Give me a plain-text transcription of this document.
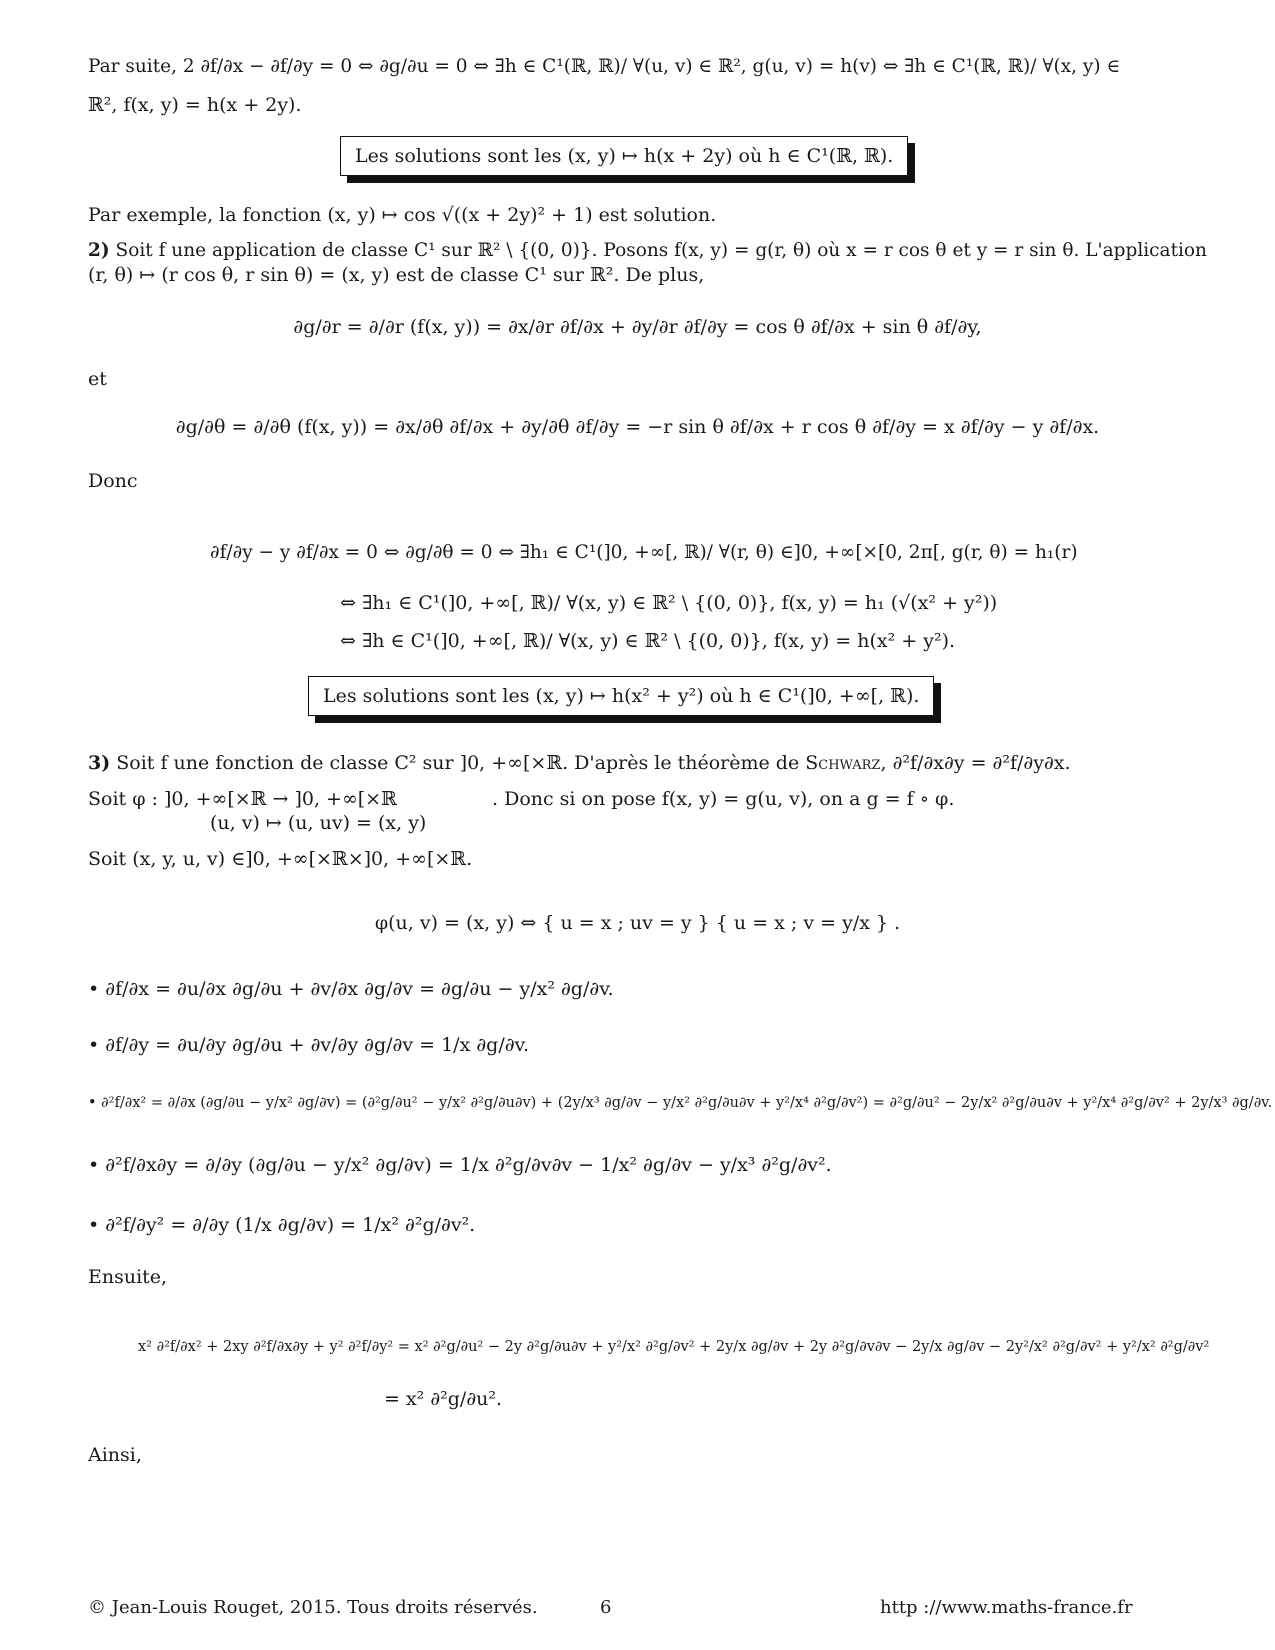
Par suite, 2 ∂f/∂x − ∂f/∂y = 0 ⇔ ∂g/∂u = 0 ⇔ ∃h ∈ C¹(ℝ, ℝ)/ ∀(u, v) ∈ ℝ², g(u, v) = h(v) ⇔ ∃h ∈ C¹(ℝ, ℝ)/ ∀(x, y) ∈
ℝ², f(x, y) = h(x + 2y).
Les solutions sont les (x, y) ↦ h(x + 2y) où h ∈ C¹(ℝ, ℝ).
Par exemple, la fonction (x, y) ↦ cos √((x + 2y)² + 1) est solution.
2) Soit f une application de classe C¹ sur ℝ² \ {(0, 0)}. Posons f(x, y) = g(r, θ) où x = r cos θ et y = r sin θ. L'application
(r, θ) ↦ (r cos θ, r sin θ) = (x, y) est de classe C¹ sur ℝ². De plus,
∂g/∂r = ∂/∂r (f(x, y)) = ∂x/∂r ∂f/∂x + ∂y/∂r ∂f/∂y = cos θ ∂f/∂x + sin θ ∂f/∂y,
et
∂g/∂θ = ∂/∂θ (f(x, y)) = ∂x/∂θ ∂f/∂x + ∂y/∂θ ∂f/∂y = −r sin θ ∂f/∂x + r cos θ ∂f/∂y = x ∂f/∂y − y ∂f/∂x.
Donc
∂f/∂y − y ∂f/∂x = 0 ⇔ ∂g/∂θ = 0 ⇔ ∃h₁ ∈ C¹(]0, +∞[, ℝ)/ ∀(r, θ) ∈]0, +∞[×[0, 2π[, g(r, θ) = h₁(r)
⇔ ∃h₁ ∈ C¹(]0, +∞[, ℝ)/ ∀(x, y) ∈ ℝ² \ {(0, 0)}, f(x, y) = h₁ (√(x² + y²))
⇔ ∃h ∈ C¹(]0, +∞[, ℝ)/ ∀(x, y) ∈ ℝ² \ {(0, 0)}, f(x, y) = h(x² + y²).
Les solutions sont les (x, y) ↦ h(x² + y²) où h ∈ C¹(]0, +∞[, ℝ).
3) Soit f une fonction de classe C² sur ]0, +∞[×ℝ. D'après le théorème de Schwarz, ∂²f/∂x∂y = ∂²f/∂y∂x.
Soit φ : ]0, +∞[×ℝ → ]0, +∞[×ℝ	. Donc si on pose f(x, y) = g(u, v), on a g = f ∘ φ.
(u, v) ↦ (u, uv) = (x, y)
Soit (x, y, u, v) ∈]0, +∞[×ℝ×]0, +∞[×ℝ.
φ(u, v) = (x, y) ⇔ { u = x ; uv = y } { u = x ; v = y/x } .
• ∂f/∂x = ∂u/∂x ∂g/∂u + ∂v/∂x ∂g/∂v = ∂g/∂u − y/x² ∂g/∂v.
• ∂f/∂y = ∂u/∂y ∂g/∂u + ∂v/∂y ∂g/∂v = 1/x ∂g/∂v.
• ∂²f/∂x² = ∂/∂x (∂g/∂u − y/x² ∂g/∂v) = (∂²g/∂u² − y/x² ∂²g/∂u∂v) + (2y/x³ ∂g/∂v − y/x² ∂²g/∂u∂v + y²/x⁴ ∂²g/∂v²) = ∂²g/∂u² − 2y/x² ∂²g/∂u∂v + y²/x⁴ ∂²g/∂v² + 2y/x³ ∂g/∂v.
• ∂²f/∂x∂y = ∂/∂y (∂g/∂u − y/x² ∂g/∂v) = 1/x ∂²g/∂v∂v − 1/x² ∂g/∂v − y/x³ ∂²g/∂v².
• ∂²f/∂y² = ∂/∂y (1/x ∂g/∂v) = 1/x² ∂²g/∂v².
Ensuite,
x² ∂²f/∂x² + 2xy ∂²f/∂x∂y + y² ∂²f/∂y² = x² ∂²g/∂u² − 2y ∂²g/∂u∂v + y²/x² ∂²g/∂v² + 2y/x ∂g/∂v + 2y ∂²g/∂v∂v − 2y/x ∂g/∂v − 2y²/x² ∂²g/∂v² + y²/x² ∂²g/∂v²
= x² ∂²g/∂u².
Ainsi,
© Jean-Louis Rouget, 2015. Tous droits réservés.	6	http ://www.maths-france.fr
